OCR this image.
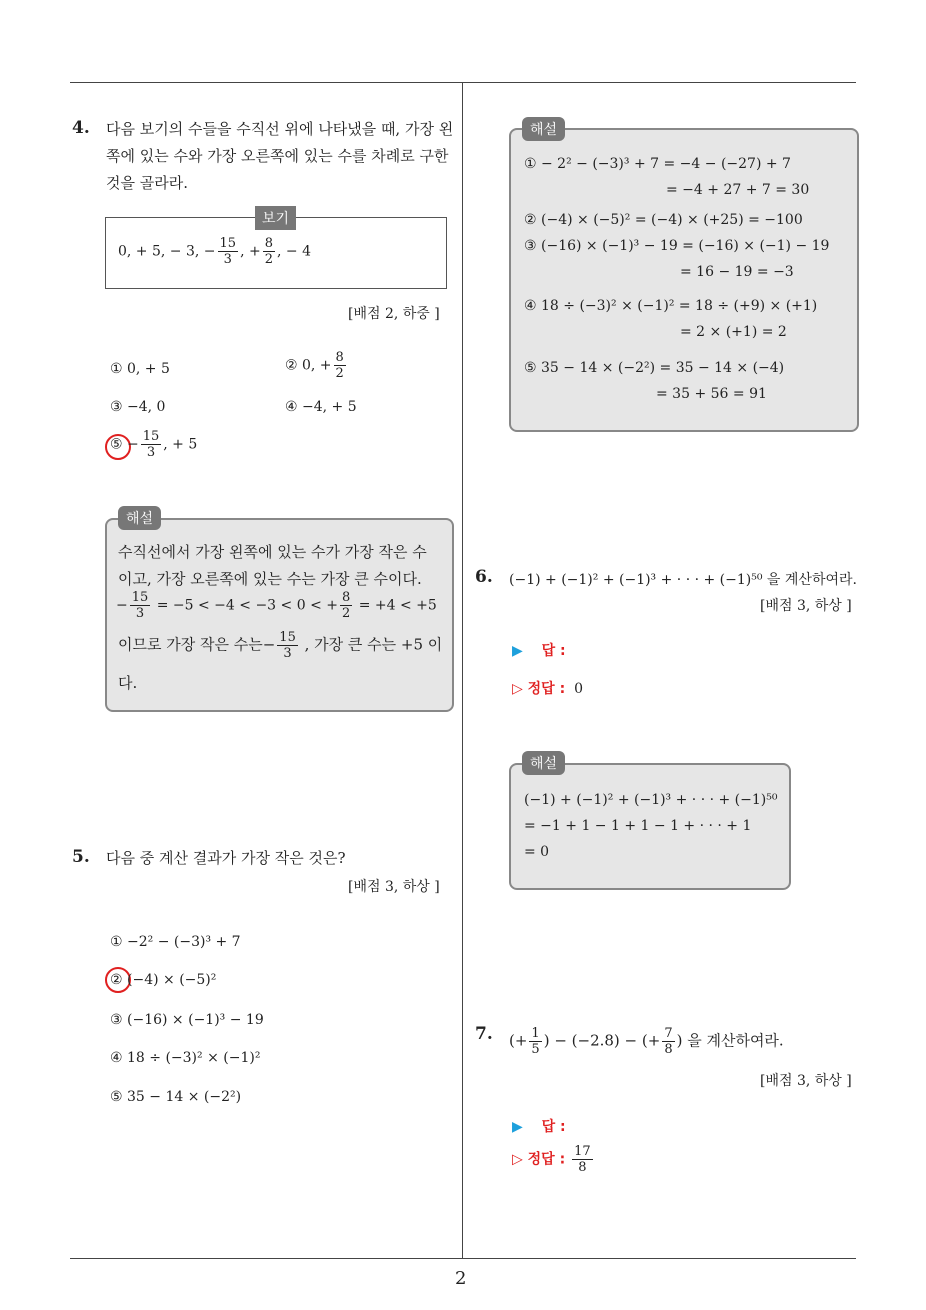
2
4. 다음 보기의 수들을 수직선 위에 나타냈을 때, 가장 왼
쪽에 있는 수와 가장 오른쪽에 있는 수를 차례로 구한
것을 골라라.
보기
0, + 5, − 3, − $\frac{15}{3}$ , + $\frac{8}{2}$ , − 4
[배점 2, 하중 ]
① 0, + 5	② 0, + $\frac{8}{2}$
③ −4, 0	④ −4, + 5
⑤ − $\frac{15}{3}$ , + 5
해설
수직선에서 가장 왼쪽에 있는 수가 가장 작은 수
이고, 가장 오른쪽에 있는 수는 가장 큰 수이다.
− $\frac{15}{3} = -5 < -4 < -3 < 0$ < + $\frac{8}{2} = +4 < +5$
이므로 가장 작은 수는− $\frac{15}{3}$ , 가장 큰 수는 +5 이
다.
5. 다음 중 계산 결과가 가장 작은 것은?
[배점 3, 하상 ]
① −2² − (−3)³ + 7
② (−4) × (−5)²
③ (−16) × (−1)³ − 19
④ 18 ÷ (−3)² × (−1)²
⑤ 35 − 14 × (−2²)
해설
① − 2² − (−3)³ + 7 = −4 − (−27) + 7
= −4 + 27 + 7 = 30
② (−4) × (−5)² = (−4) × (+25) = −100
③ (−16) × (−1)³ − 19 = (−16) × (−1) − 19
= 16 − 19 = −3
④ 18 ÷ (−3)² × (−1)² = 18 ÷ (+9) × (+1)
= 2 × (+1) = 2
⑤ 35 − 14 × (−2²) = 35 − 14 × (−4)
= 35 + 56 = 91
6. (−1) + (−1)² + (−1)³ + · · · + (−1)⁵⁰ 을 계산하여라.
[배점 3, 하상 ]
▶ 답 :
▷ 정답 : 0
해설
(−1) + (−1)² + (−1)³ + · · · + (−1)⁵⁰
= −1 + 1 − 1 + 1 − 1 + · · · + 1
= 0
7. (+ $\frac{1}{5}$ ) − (−2.8) − (+ $\frac{7}{8}$ ) 을 계산하여라.
[배점 3, 하상 ]
▶ 답 :
▷ 정답 : $\frac{17}{8}$
